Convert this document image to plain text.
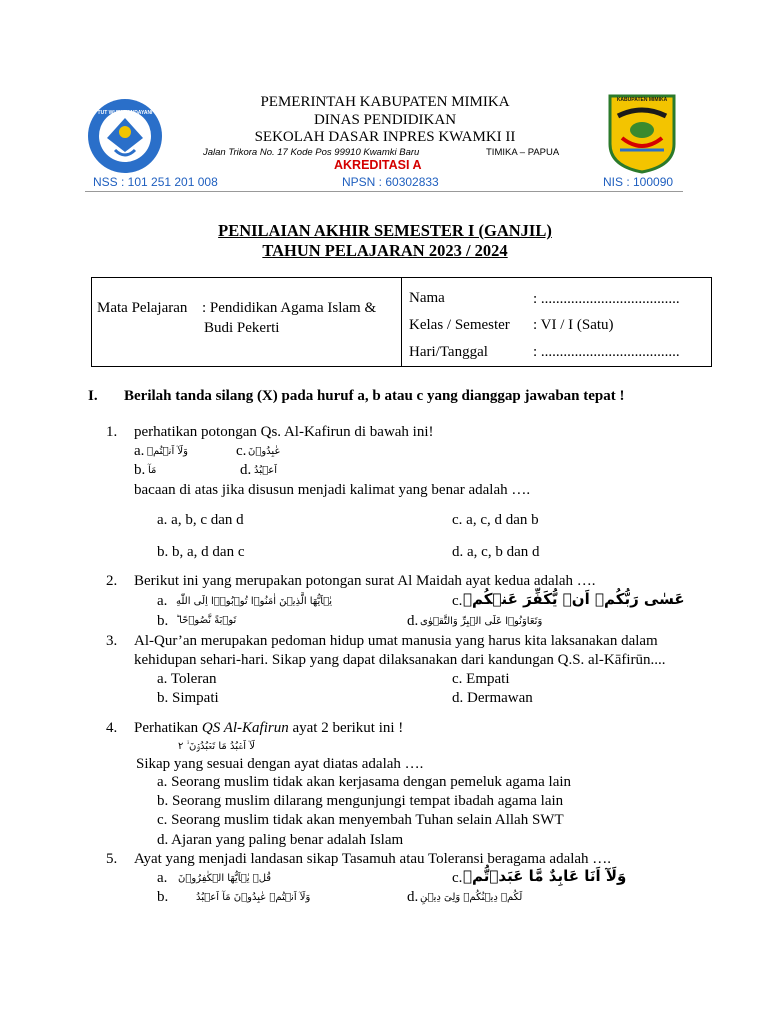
TUT WURI HANDAYANI
KABUPATEN MIMIKA
PEMERINTAH KABUPATEN MIMIKA
DINAS PENDIDIKAN
SEKOLAH DASAR INPRES KWAMKI II
Jalan Trikora No. 17 Kode Pos 99910 Kwamki Baru	TIMIKA – PAPUA
AKREDITASI A
NSS : 101 251 201 008	NPSN : 60302833	NIS : 100090
PENILAIAN AKHIR SEMESTER I (GANJIL)
TAHUN PELAJARAN 2023 / 2024
Mata Pelajaran : Pendidikan Agama Islam &
Budi Pekerti
Nama	: .....................................
Kelas / Semester : VI / I (Satu)
Hari/Tanggal	: .....................................
I. Berilah tanda silang (X) pada huruf a, b atau c yang dianggap jawaban tepat !
1. perhatikan potongan Qs. Al-Kafirun di bawah ini!
a. وَلَآ اَنۡتُمۡ	c. عٰبِدُوۡنَ
b. مَآ	d. اَعۡبُدُ
bacaan di atas jika disusun menjadi kalimat yang benar adalah ….
a. a, b, c dan d	c. a, c, d dan b
b. b, a, d dan c	d. a, c, b dan d
2. Berikut ini yang merupakan potongan surat Al Maidah ayat kedua adalah ….
a. يٰۤاَيُّهَا الَّذِيۡنَ اٰمَنُوۡا تُوۡبُوۡۤا اِلَى اللّٰهِ	c. عَسٰى رَبُّكُمۡ اَنۡ يُّكَفِّرَ عَنۡكُمۡ
b. تَوۡبَةً نَّصُوۡحًا ؕ	d. وَتَعَاوَنُوۡا عَلَى الۡبِرِّ وَالتَّقۡوٰى
3. Al-Qur’an merupakan pedoman hidup umat manusia yang harus kita laksanakan dalam
kehidupan sehari-hari. Sikap yang dapat dilaksanakan dari kandungan Q.S. al-Kāfirūn....
a. Toleran	c. Empati
b. Simpati	d. Dermawan
4. Perhatikan QS Al-Kafirun ayat 2 berikut ini !
لَآ اَعۡبُدُ مَا تَعۡبُدُوۡنَ ۙ‏ ٢
Sikap yang sesuai dengan ayat diatas adalah ….
a. Seorang muslim tidak akan kerjasama dengan pemeluk agama lain
b. Seorang muslim dilarang mengunjungi tempat ibadah agama lain
c. Seorang muslim tidak akan menyembah Tuhan selain Allah SWT
d. Ajaran yang paling benar adalah Islam
5. Ayat yang menjadi landasan sikap Tasamuh atau Toleransi beragama adalah ….
a. قُلۡ يٰۤاَيُّهَا الۡكٰفِرُوۡنَ	c. وَلَآ اَنَا عَابِدٌ مَّا عَبَدۡتُّمۡ
b.	وَلَآ اَنۡتُمۡ عٰبِدُوۡنَ مَآ اَعۡبُدُ	d. لَكُمۡ دِيۡنُكُمۡ وَلِىَ دِيۡنِ
